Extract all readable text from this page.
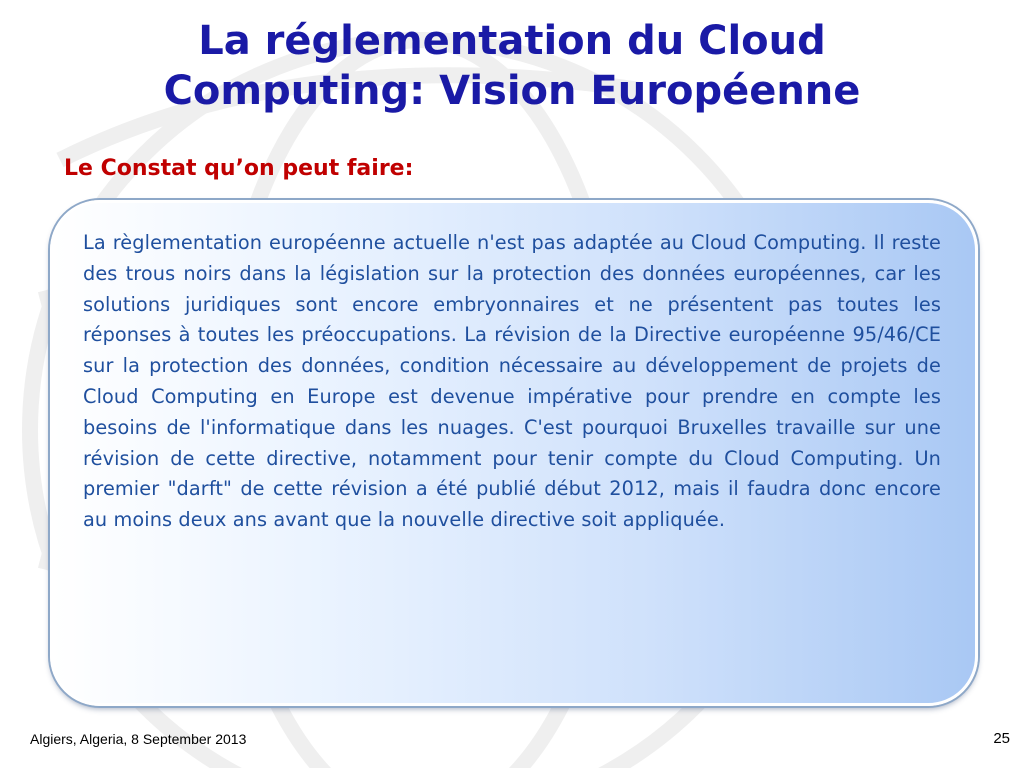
La réglementation du Cloud
Computing: Vision Européenne
Le Constat qu’on peut faire:

La règlementation européenne actuelle n'est pas adaptée au Cloud Computing. Il reste des trous noirs dans la législation sur la protection des données européennes, car les solutions juridiques sont encore embryonnaires et ne présentent pas toutes les réponses à toutes les préoccupations. La révision de la Directive européenne 95/46/CE sur la protection des données, condition nécessaire au développement de projets de Cloud Computing en Europe est devenue impérative pour prendre en compte les besoins de l'informatique dans les nuages. C'est pourquoi Bruxelles travaille sur une révision de cette directive, notamment pour tenir compte du Cloud Computing. Un premier "darft" de cette révision a été publié début 2012, mais il faudra donc encore au moins deux ans avant que la nouvelle directive soit appliquée.

Algiers, Algeria, 8 September 2013	25
